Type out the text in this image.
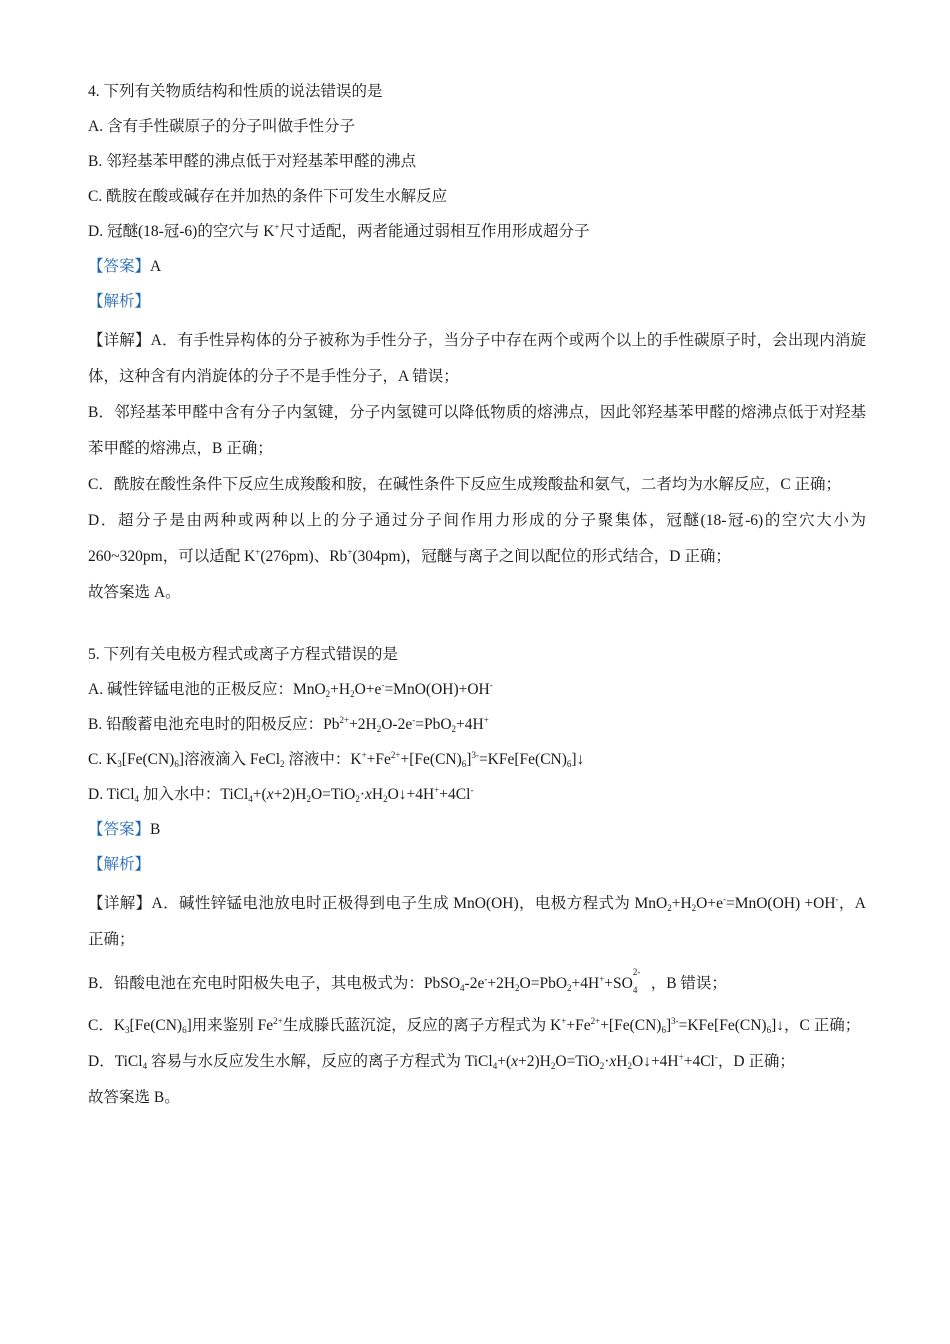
4. 下列有关物质结构和性质的说法错误的是
A. 含有手性碳原子的分子叫做手性分子
B. 邻羟基苯甲醛的沸点低于对羟基苯甲醛的沸点
C. 酰胺在酸或碱存在并加热的条件下可发生水解反应
D. 冠醚(18-冠-6)的空穴与 K+尺寸适配，两者能通过弱相互作用形成超分子
【答案】A
【解析】
【详解】A．有手性异构体的分子被称为手性分子，当分子中存在两个或两个以上的手性碳原子时，会出现内消旋体，这种含有内消旋体的分子不是手性分子，A 错误；
B．邻羟基苯甲醛中含有分子内氢键，分子内氢键可以降低物质的熔沸点，因此邻羟基苯甲醛的熔沸点低于对羟基苯甲醛的熔沸点，B 正确；
C．酰胺在酸性条件下反应生成羧酸和胺，在碱性条件下反应生成羧酸盐和氨气，二者均为水解反应，C 正确；
D．超分子是由两种或两种以上的分子通过分子间作用力形成的分子聚集体，冠醚(18-冠-6)的空穴大小为 260~320pm，可以适配 K+(276pm)、Rb+(304pm)，冠醚与离子之间以配位的形式结合，D 正确；
故答案选 A。
5. 下列有关电极方程式或离子方程式错误的是
A. 碱性锌锰电池的正极反应：$MnO_2+H_2O+e^-=MnO(OH)+OH^-$
B. 铅酸蓄电池充电时的阳极反应：$Pb^{2+}+2H_2O-2e^-=PbO_2+4H^+$
C. $K_3[Fe(CN)_6]$溶液滴入 FeCl$_2$ 溶液中：$K^++Fe^{2+}+[Fe(CN)_6]^{3-}=KFe[Fe(CN)_6]↓$
D. TiCl$_4$ 加入水中：$TiCl_4+(x+2)H_2O=TiO_2\cdot xH_2O↓+4H^++4Cl^-$
【答案】B
【解析】
【详解】A．碱性锌锰电池放电时正极得到电子生成 MnO(OH)，电极方程式为 $MnO_2+H_2O+e^-=MnO(OH) +OH^-$，A 正确；
B．铅酸电池在充电时阳极失电子，其电极式为：$PbSO_4-2e^-+2H_2O=PbO_2+4H^++SO$
2-
4 ，B 错误；
C．$K_3[Fe(CN)_6]$用来鉴别 $Fe^{2+}$生成滕氏蓝沉淀，反应的离子方程式为 $K^++Fe^{2+}+[Fe(CN)_6]^{3-}=KFe[Fe(CN)_6]↓$，C 正确；
D．TiCl$_4$ 容易与水反应发生水解，反应的离子方程式为 $TiCl_4+(x+2)H_2O=TiO_2\cdot xH_2O↓+4H^++4Cl^-$，D 正确；
故答案选 B。
